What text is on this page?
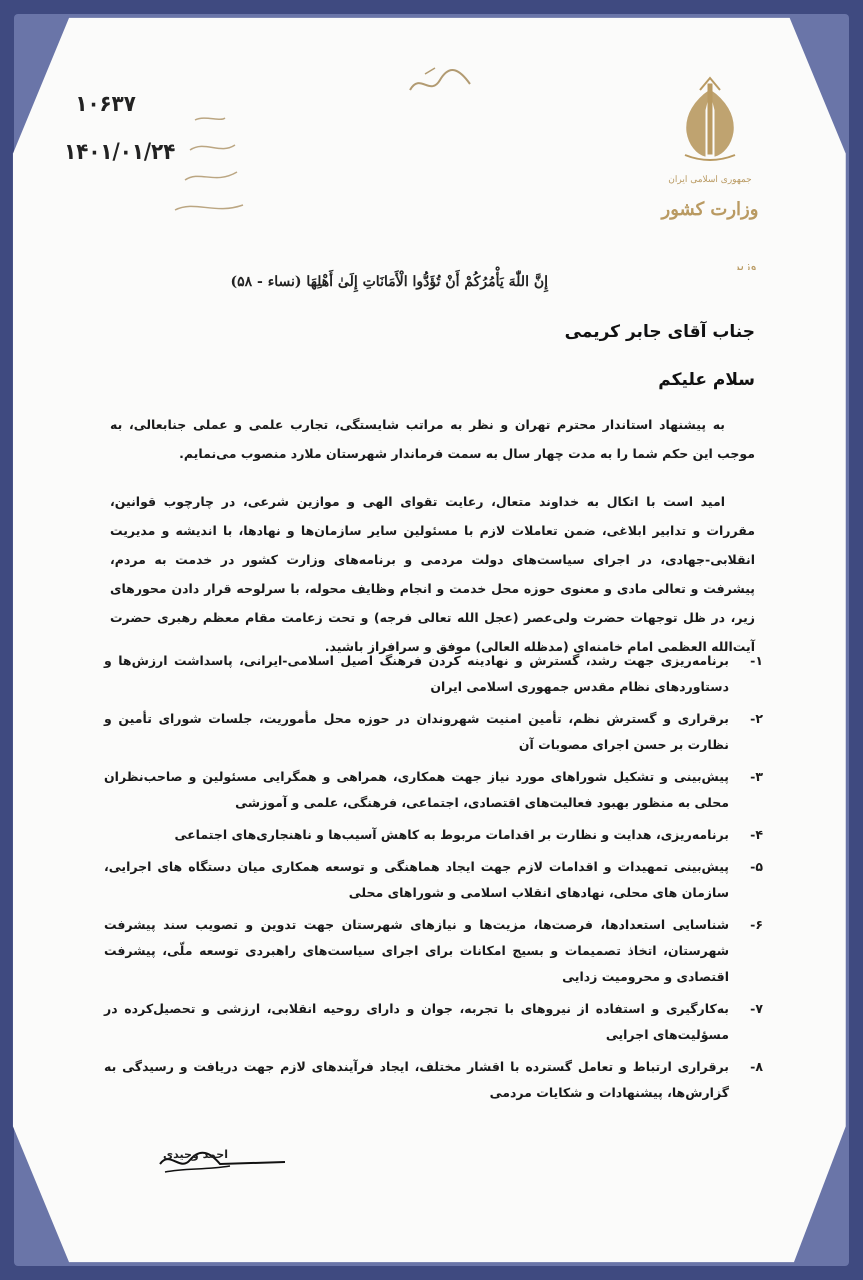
۱۰۶۳۷
۱۴۰۱/۰۱/۲۴
جمهوری اسلامی ایران
وزارت کشور
وزیر
إِنَّ اللّٰهَ يَأْمُرُكُمْ أَنْ تُؤَدُّوا الْأَمَانَاتِ إِلَىٰ أَهْلِهَا (نساء - ۵۸)
جناب آقای جابر کریمی
سلام علیکم
به پیشنهاد استاندار محترم تهران و نظر به مراتب شایستگی، تجارب علمی و عملی جنابعالی، به موجب این حکم شما را به مدت چهار سال به سمت فرماندار شهرستان ملارد منصوب می‌نمایم.
امید است با اتکال به خداوند متعال، رعایت تقوای الهی و موازین شرعی، در چارچوب قوانین، مقررات و تدابیر ابلاغی، ضمن تعاملات لازم با مسئولین سایر سازمان‌ها و نهادها، با اندیشه و مدیریت انقلابی-جهادی، در اجرای سیاست‌های دولت مردمی و برنامه‌های وزارت کشور در خدمت به مردم، پیشرفت و تعالی مادی و معنوی حوزه محل خدمت و انجام وظایف محوله، با سرلوحه قرار دادن محورهای زیر، در ظل توجهات حضرت ولی‌عصر (عجل الله تعالی فرجه) و تحت زعامت مقام معظم رهبری حضرت آیت‌الله العظمی امام خامنه‌ای (مدظله العالی) موفق و سرافراز باشید.
۱-
برنامه‌ریزی جهت رشد، گسترش و نهادینه کردن فرهنگ اصیل اسلامی-ایرانی، پاسداشت ارزش‌ها و دستاوردهای نظام مقدس جمهوری اسلامی ایران
۲-
برقراری و گسترش نظم، تأمین امنیت شهروندان در حوزه محل مأموریت، جلسات شورای تأمین و نظارت بر حسن اجرای مصوبات آن
۳-
پیش‌بینی و تشکیل شوراهای مورد نیاز جهت همکاری، همراهی و همگرایی مسئولین و صاحب‌نظران محلی به منظور بهبود فعالیت‌های اقتصادی، اجتماعی، فرهنگی، علمی و آموزشی
۴-
برنامه‌ریزی، هدایت و نظارت بر اقدامات مربوط به کاهش آسیب‌ها و ناهنجاری‌های اجتماعی
۵-
پیش‌بینی تمهیدات و اقدامات لازم جهت ایجاد هماهنگی و توسعه همکاری میان دستگاه های اجرایی، سازمان های محلی، نهادهای انقلاب اسلامی و شوراهای محلی
۶-
شناسایی استعدادها، فرصت‌ها، مزیت‌ها و نیازهای شهرستان جهت تدوین و تصویب سند پیشرفت شهرستان، اتخاذ تصمیمات و بسیج امکانات برای اجرای سیاست‌های راهبردی توسعه ملّی، پیشرفت اقتصادی و محرومیت زدایی
۷-
به‌کارگیری و استفاده از نیروهای با تجربه، جوان و دارای روحیه انقلابی، ارزشی و تحصیل‌کرده در مسؤلیت‌های اجرایی
۸-
برقراری ارتباط و تعامل گسترده با اقشار مختلف، ایجاد فرآیندهای لازم جهت دریافت و رسیدگی به گزارش‌ها، پیشنهادات و شکایات مردمی
احمد وحیدی
